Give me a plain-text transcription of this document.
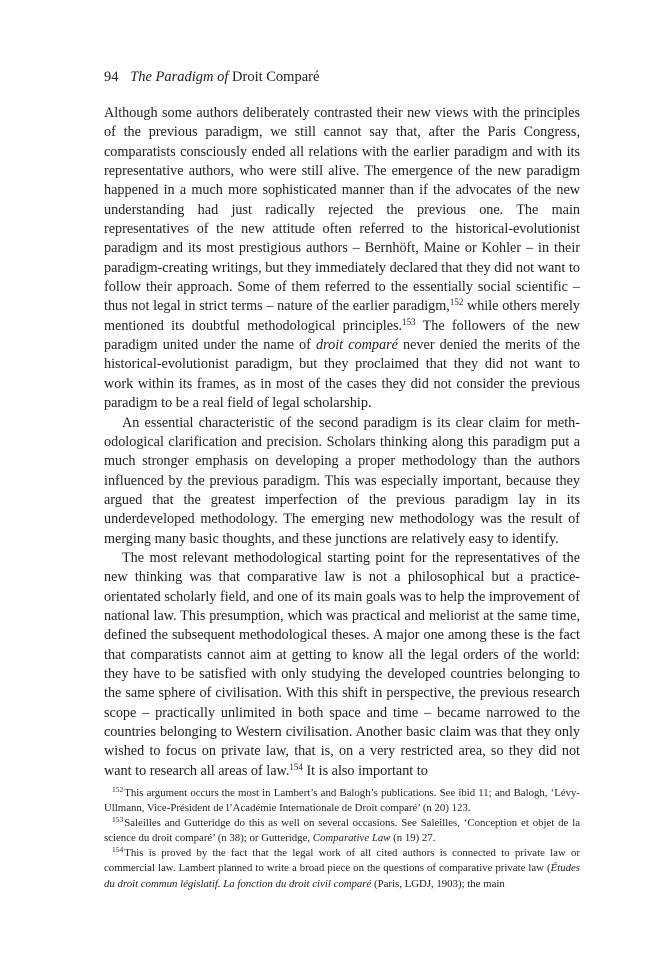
94 The Paradigm of Droit Comparé

Although some authors deliberately contrasted their new views with the principles of the previous paradigm, we still cannot say that, after the Paris Congress, comparatists consciously ended all relations with the earlier paradigm and with its representative authors, who were still alive. The emergence of the new paradigm happened in a much more sophisticated manner than if the advocates of the new understanding had just radically rejected the previous one. The main representatives of the new attitude often referred to the historical-evolutionist paradigm and its most prestigious authors – Bernhöft, Maine or Kohler – in their paradigm-creating writings, but they immediately declared that they did not want to follow their approach. Some of them referred to the essentially social scientific – thus not legal in strict terms – nature of the earlier paradigm,$^{152}$ while others merely mentioned its doubtful methodological principles.$^{153}$ The followers of the new paradigm united under the name of droit comparé never denied the merits of the historical-evolutionist paradigm, but they proclaimed that they did not want to work within its frames, as in most of the cases they did not consider the previous paradigm to be a real field of legal scholarship.

An essential characteristic of the second paradigm is its clear claim for methodological clarification and precision. Scholars thinking along this paradigm put a much stronger emphasis on developing a proper methodology than the authors influenced by the previous paradigm. This was especially important, because they argued that the greatest imperfection of the previous paradigm lay in its underdeveloped methodology. The emerging new methodology was the result of merging many basic thoughts, and these junctions are relatively easy to identify.

The most relevant methodological starting point for the representatives of the new thinking was that comparative law is not a philosophical but a practice-orientated scholarly field, and one of its main goals was to help the improvement of national law. This presumption, which was practical and meliorist at the same time, defined the subsequent methodological theses. A major one among these is the fact that comparatists cannot aim at getting to know all the legal orders of the world: they have to be satisfied with only studying the developed countries belonging to the same sphere of civilisation. With this shift in perspective, the previous research scope – practically unlimited in both space and time – became narrowed to the countries belonging to Western civilisation. Another basic claim was that they only wished to focus on private law, that is, on a very restricted area, so they did not want to research all areas of law.$^{154}$ It is also important to

$^{152}$This argument occurs the most in Lambert’s and Balogh’s publications. See ibid 11; and Balogh, ‘Lévy-Ullmann, Vice-Président de l’Académie Internationale de Droit comparé’ (n 20) 123.

$^{153}$Saleilles and Gutteridge do this as well on several occasions. See Saleilles, ‘Conception et objet de la science du droit comparé’ (n 38); or Gutteridge, Comparative Law (n 19) 27.

$^{154}$This is proved by the fact that the legal work of all cited authors is connected to private law or commercial law. Lambert planned to write a broad piece on the questions of comparative private law (Études du droit commun législatif. La fonction du droit civil comparé (Paris, LGDJ, 1903); the main
